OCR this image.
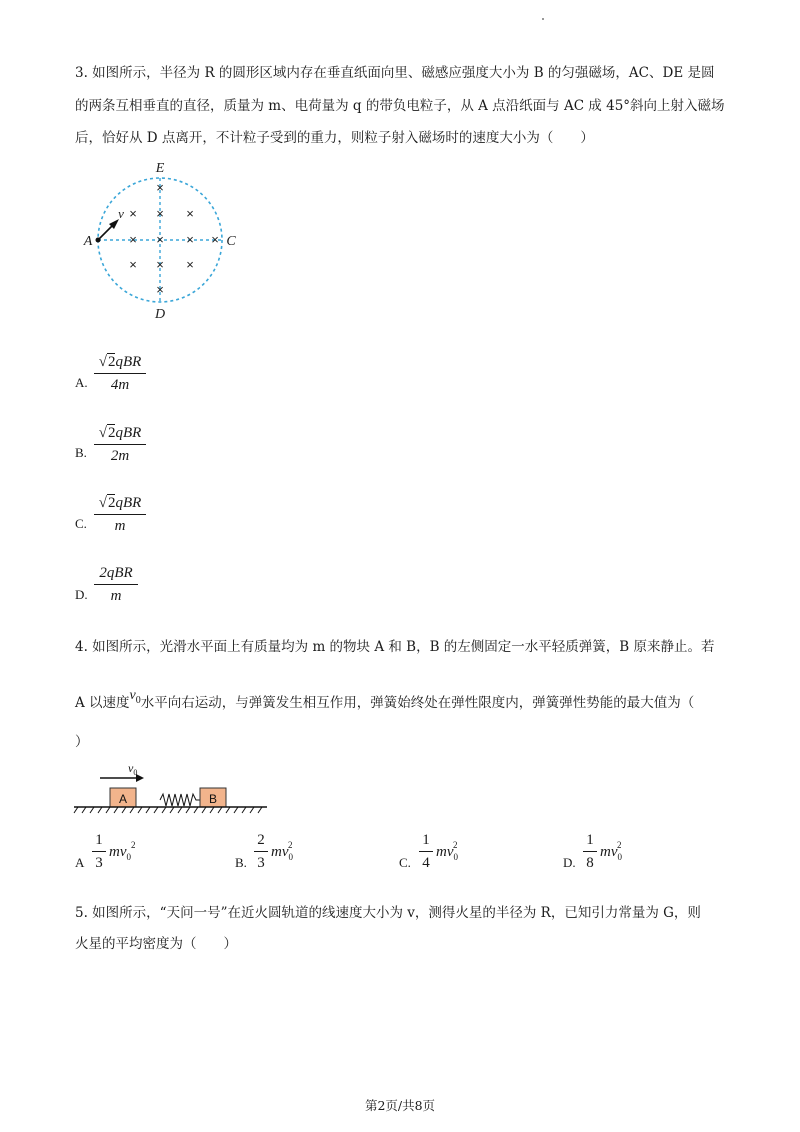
3. 如图所示，半径为 R 的圆形区域内存在垂直纸面向里、磁感应强度大小为 B 的匀强磁场，AC、DE 是圆
的两条互相垂直的直径，质量为 m、电荷量为 q 的带负电粒子，从 A 点沿纸面与 AC 成 45°斜向上射入磁场
后，恰好从 D 点离开，不计粒子受到的重力，则粒子射入磁场时的速度大小为（　　）
×
× × ×
× × × ×
× × ×
×
E
D
A	C
v
A.
√2qBR
4m
B.
√2qBR
2m
C.
√2qBR
m
D.
2qBR
m
4. 如图所示，光滑水平面上有质量均为 m 的物块 A 和 B，B 的左侧固定一水平轻质弹簧，B 原来静止。若
A 以速度$v_0$水平向右运动，与弹簧发生相互作用，弹簧始终处在弹性限度内，弹簧弹性势能的最大值为（
）
$v_0$
A	B
A
1
3
$mv_0^2$
B.
2
3
$mv_0^2$
C.
1
4
$mv_0^2$
D.
1
8
$mv_0^2$
5. 如图所示，“天问一号”在近火圆轨道的线速度大小为 v，测得火星的半径为 R，已知引力常量为 G，则
火星的平均密度为（　　）
第2页/共8页
